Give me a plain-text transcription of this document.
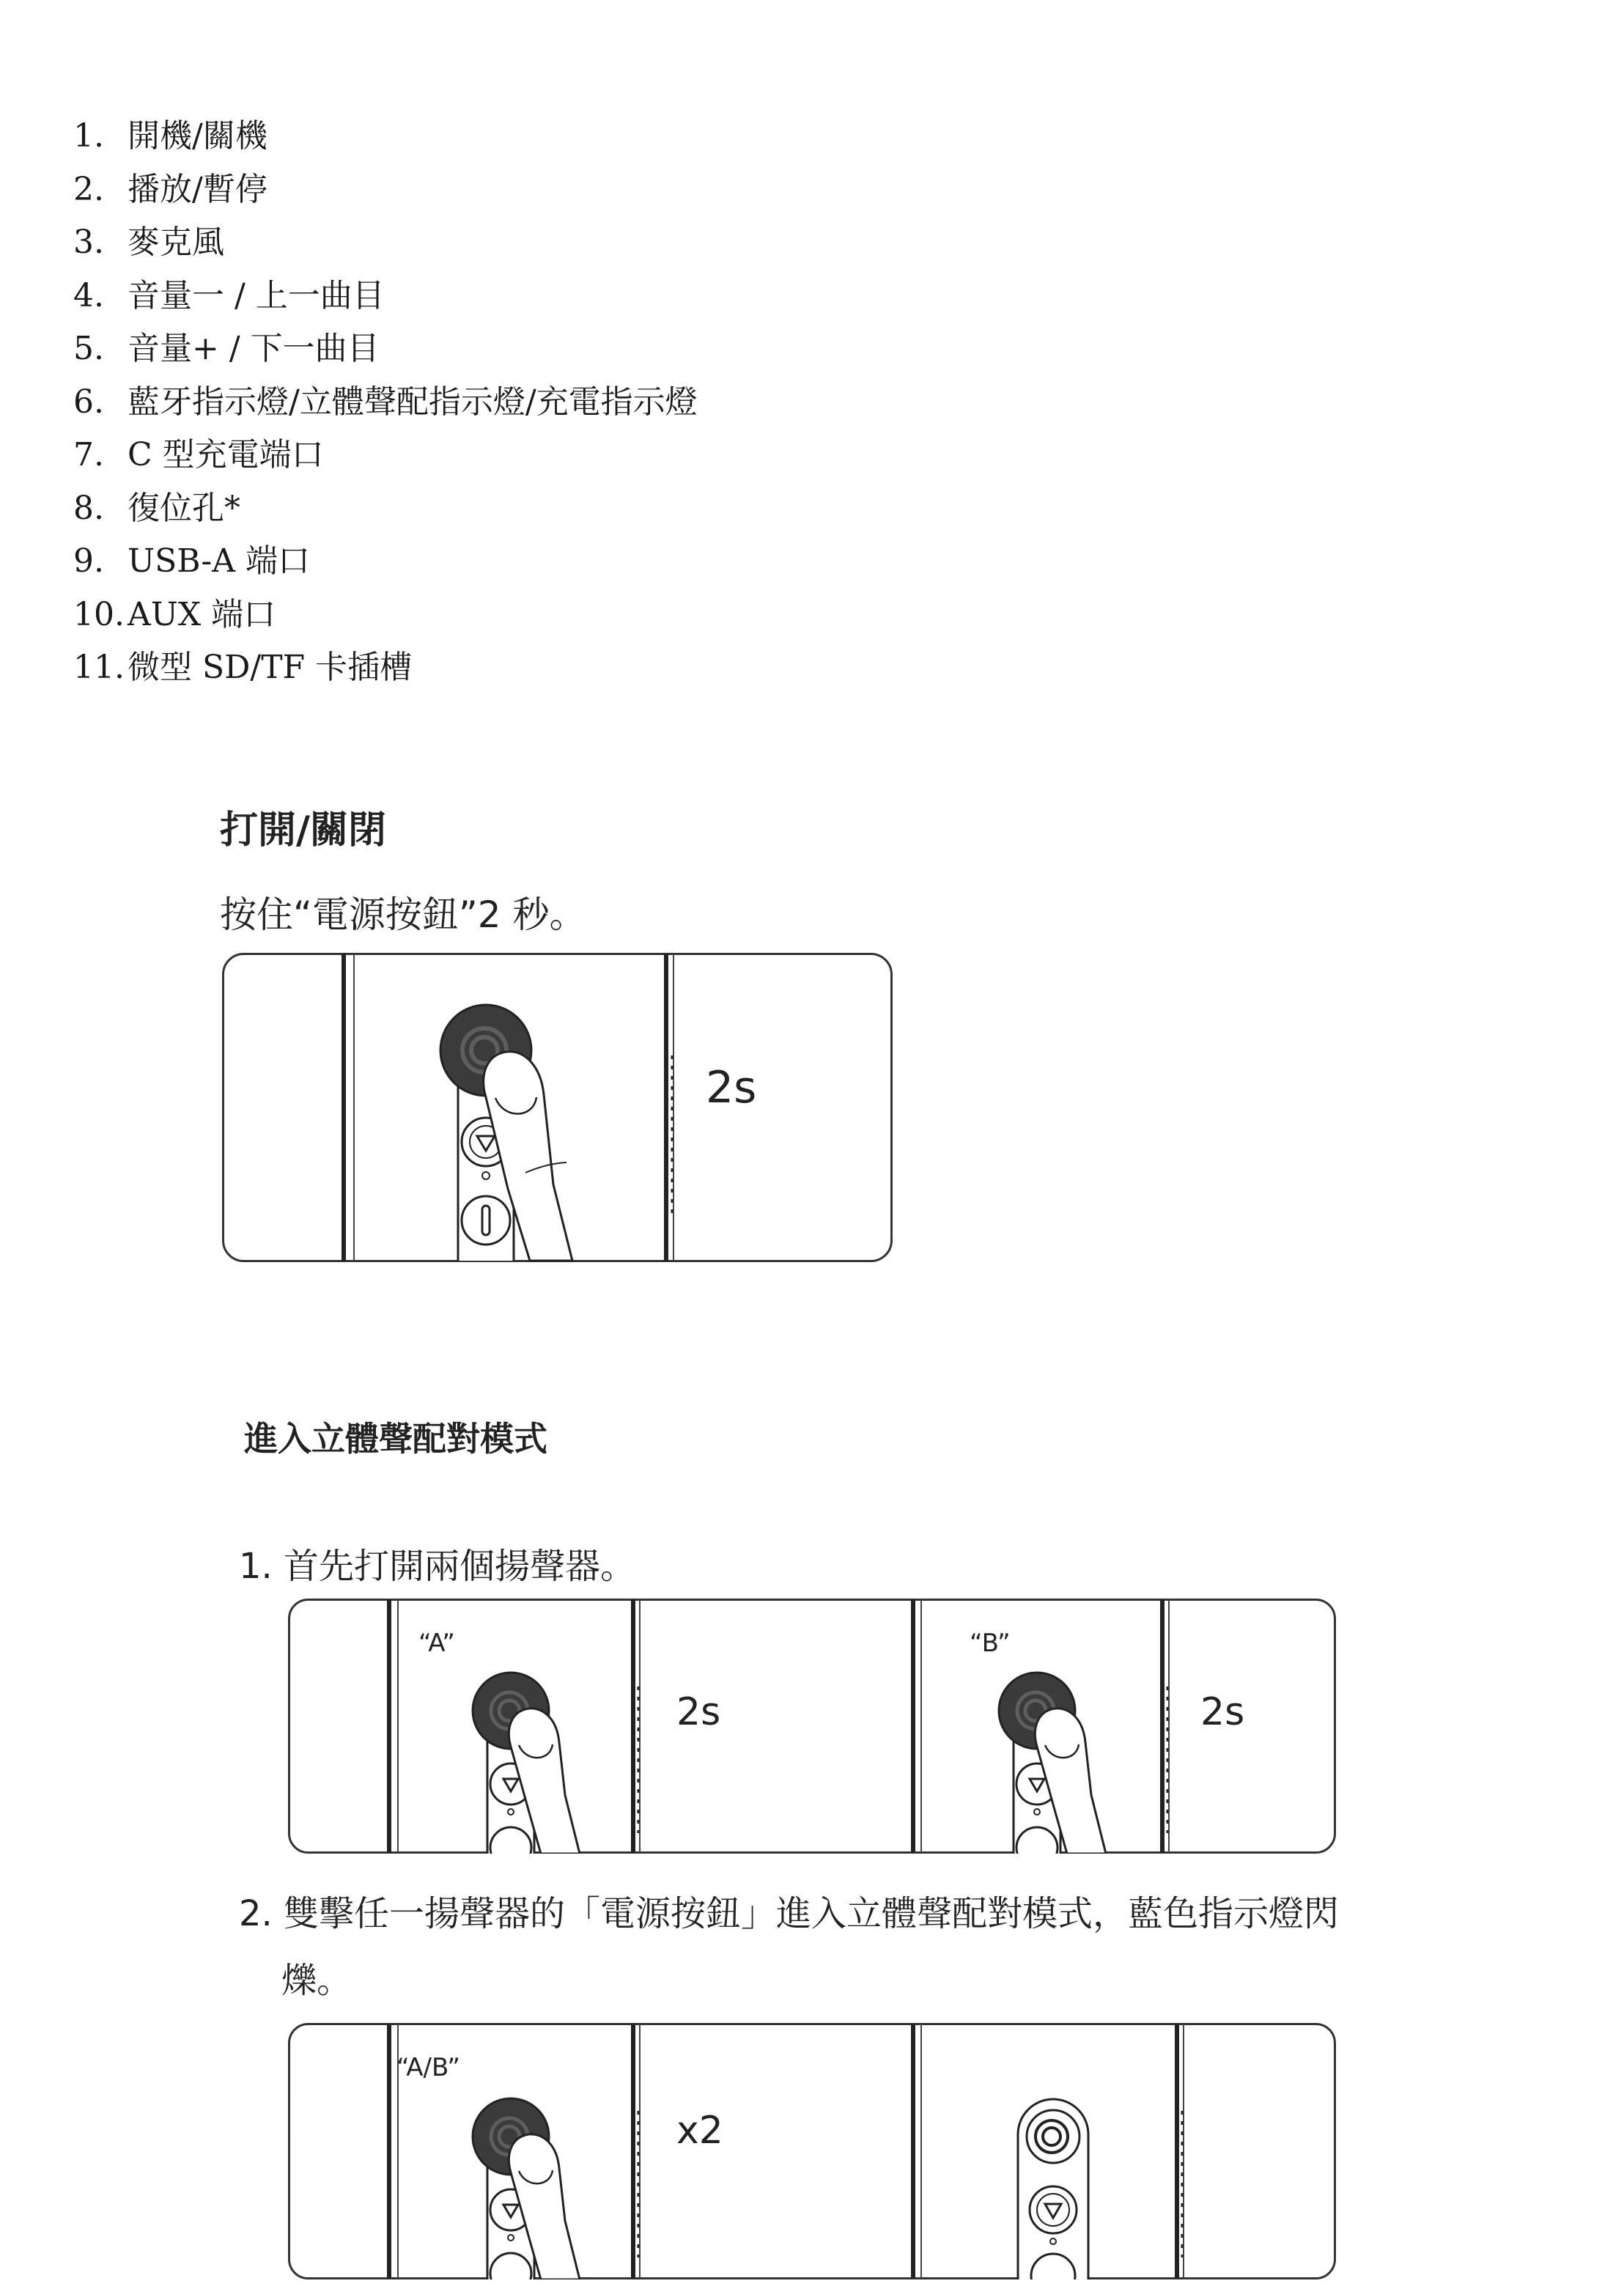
1. 開機/關機
2. 播放/暫停
3. 麥克風
4. 音量一 / 上一曲目
5. 音量+ / 下一曲目
6. 藍牙指示燈/立體聲配指示燈/充電指示燈
7. C 型充電端口
8. 復位孔*
9. USB-A 端口
10. AUX 端口
11. 微型 SD/TF 卡插槽
打開/關閉
按住“電源按鈕”2 秒。
2s
進入立體聲配對模式
1. 首先打開兩個揚聲器。
“A”
2s
“B”
2s
2. 雙擊任一揚聲器的「電源按鈕」進入立體聲配對模式，藍色指示燈閃
爍。
“A/B”
x2
